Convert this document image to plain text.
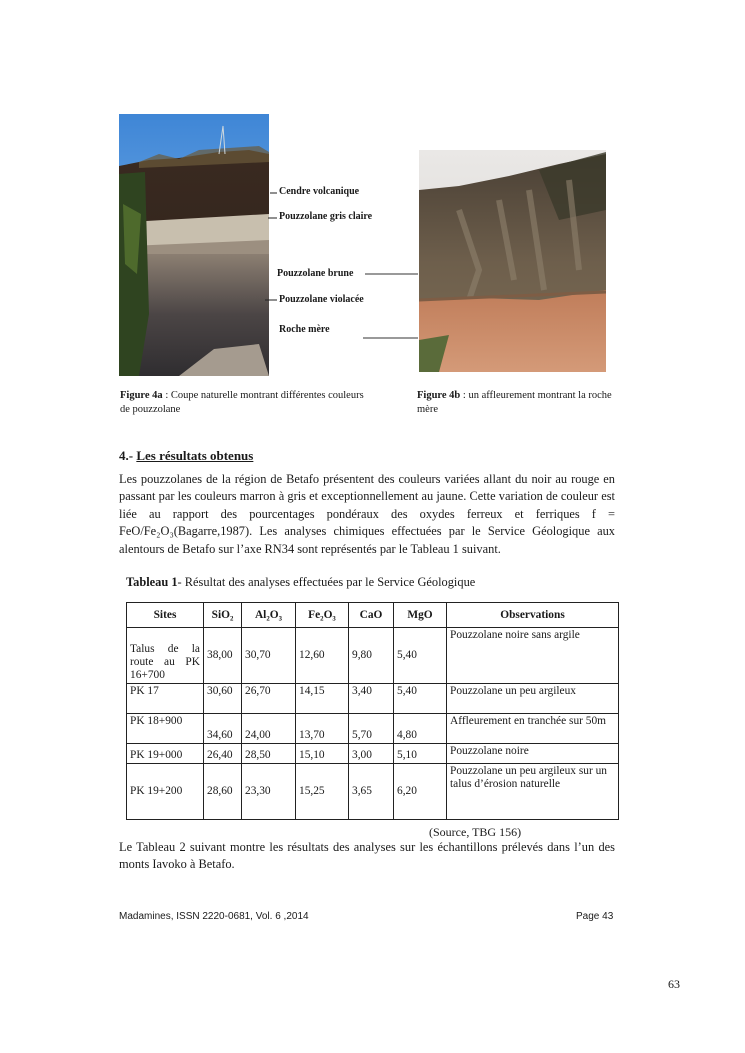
Cendre volcanique
Pouzzolane gris claire
Pouzzolane brune
Pouzzolane violacée
Roche mère
Figure 4a : Coupe naturelle montrant différentes couleurs de pouzzolane
Figure 4b : un affleurement montrant la roche mère
4.- Les résultats obtenus
Les pouzzolanes de la région de Betafo présentent des couleurs variées allant du noir au rouge en passant par les couleurs marron à gris et exceptionnellement au jaune. Cette variation de couleur est liée au rapport des pourcentages pondéraux des oxydes ferreux et ferriques f = FeO/Fe₂O₃(Bagarre,1987). Les analyses chimiques effectuées par le Service Géologique aux alentours de Betafo sur l’axe RN34 sont représentés par le Tableau 1 suivant.
Tableau 1- Résultat des analyses effectuées par le Service Géologique
Sites	SiO₂	Al₂O₃	Fe₂O₃	CaO	MgO	Observations
Talus de la route au PK 16+700	38,00	30,70	12,60	9,80	5,40	Pouzzolane noire sans argile
PK 17	30,60	26,70	14,15	3,40	5,40	Pouzzolane un peu argileux
PK 18+900	34,60	24,00	13,70	5,70	4,80	Affleurement en tranchée sur 50m
PK 19+000	26,40	28,50	15,10	3,00	5,10	Pouzzolane noire
PK 19+200	28,60	23,30	15,25	3,65	6,20	Pouzzolane un peu argileux sur un talus d’érosion naturelle
(Source, TBG 156)
Le Tableau 2 suivant montre les résultats des analyses sur les échantillons prélevés dans l’un des monts Iavoko à Betafo.
Madamines, ISSN 2220-0681, Vol. 6 ,2014	Page 43
63
